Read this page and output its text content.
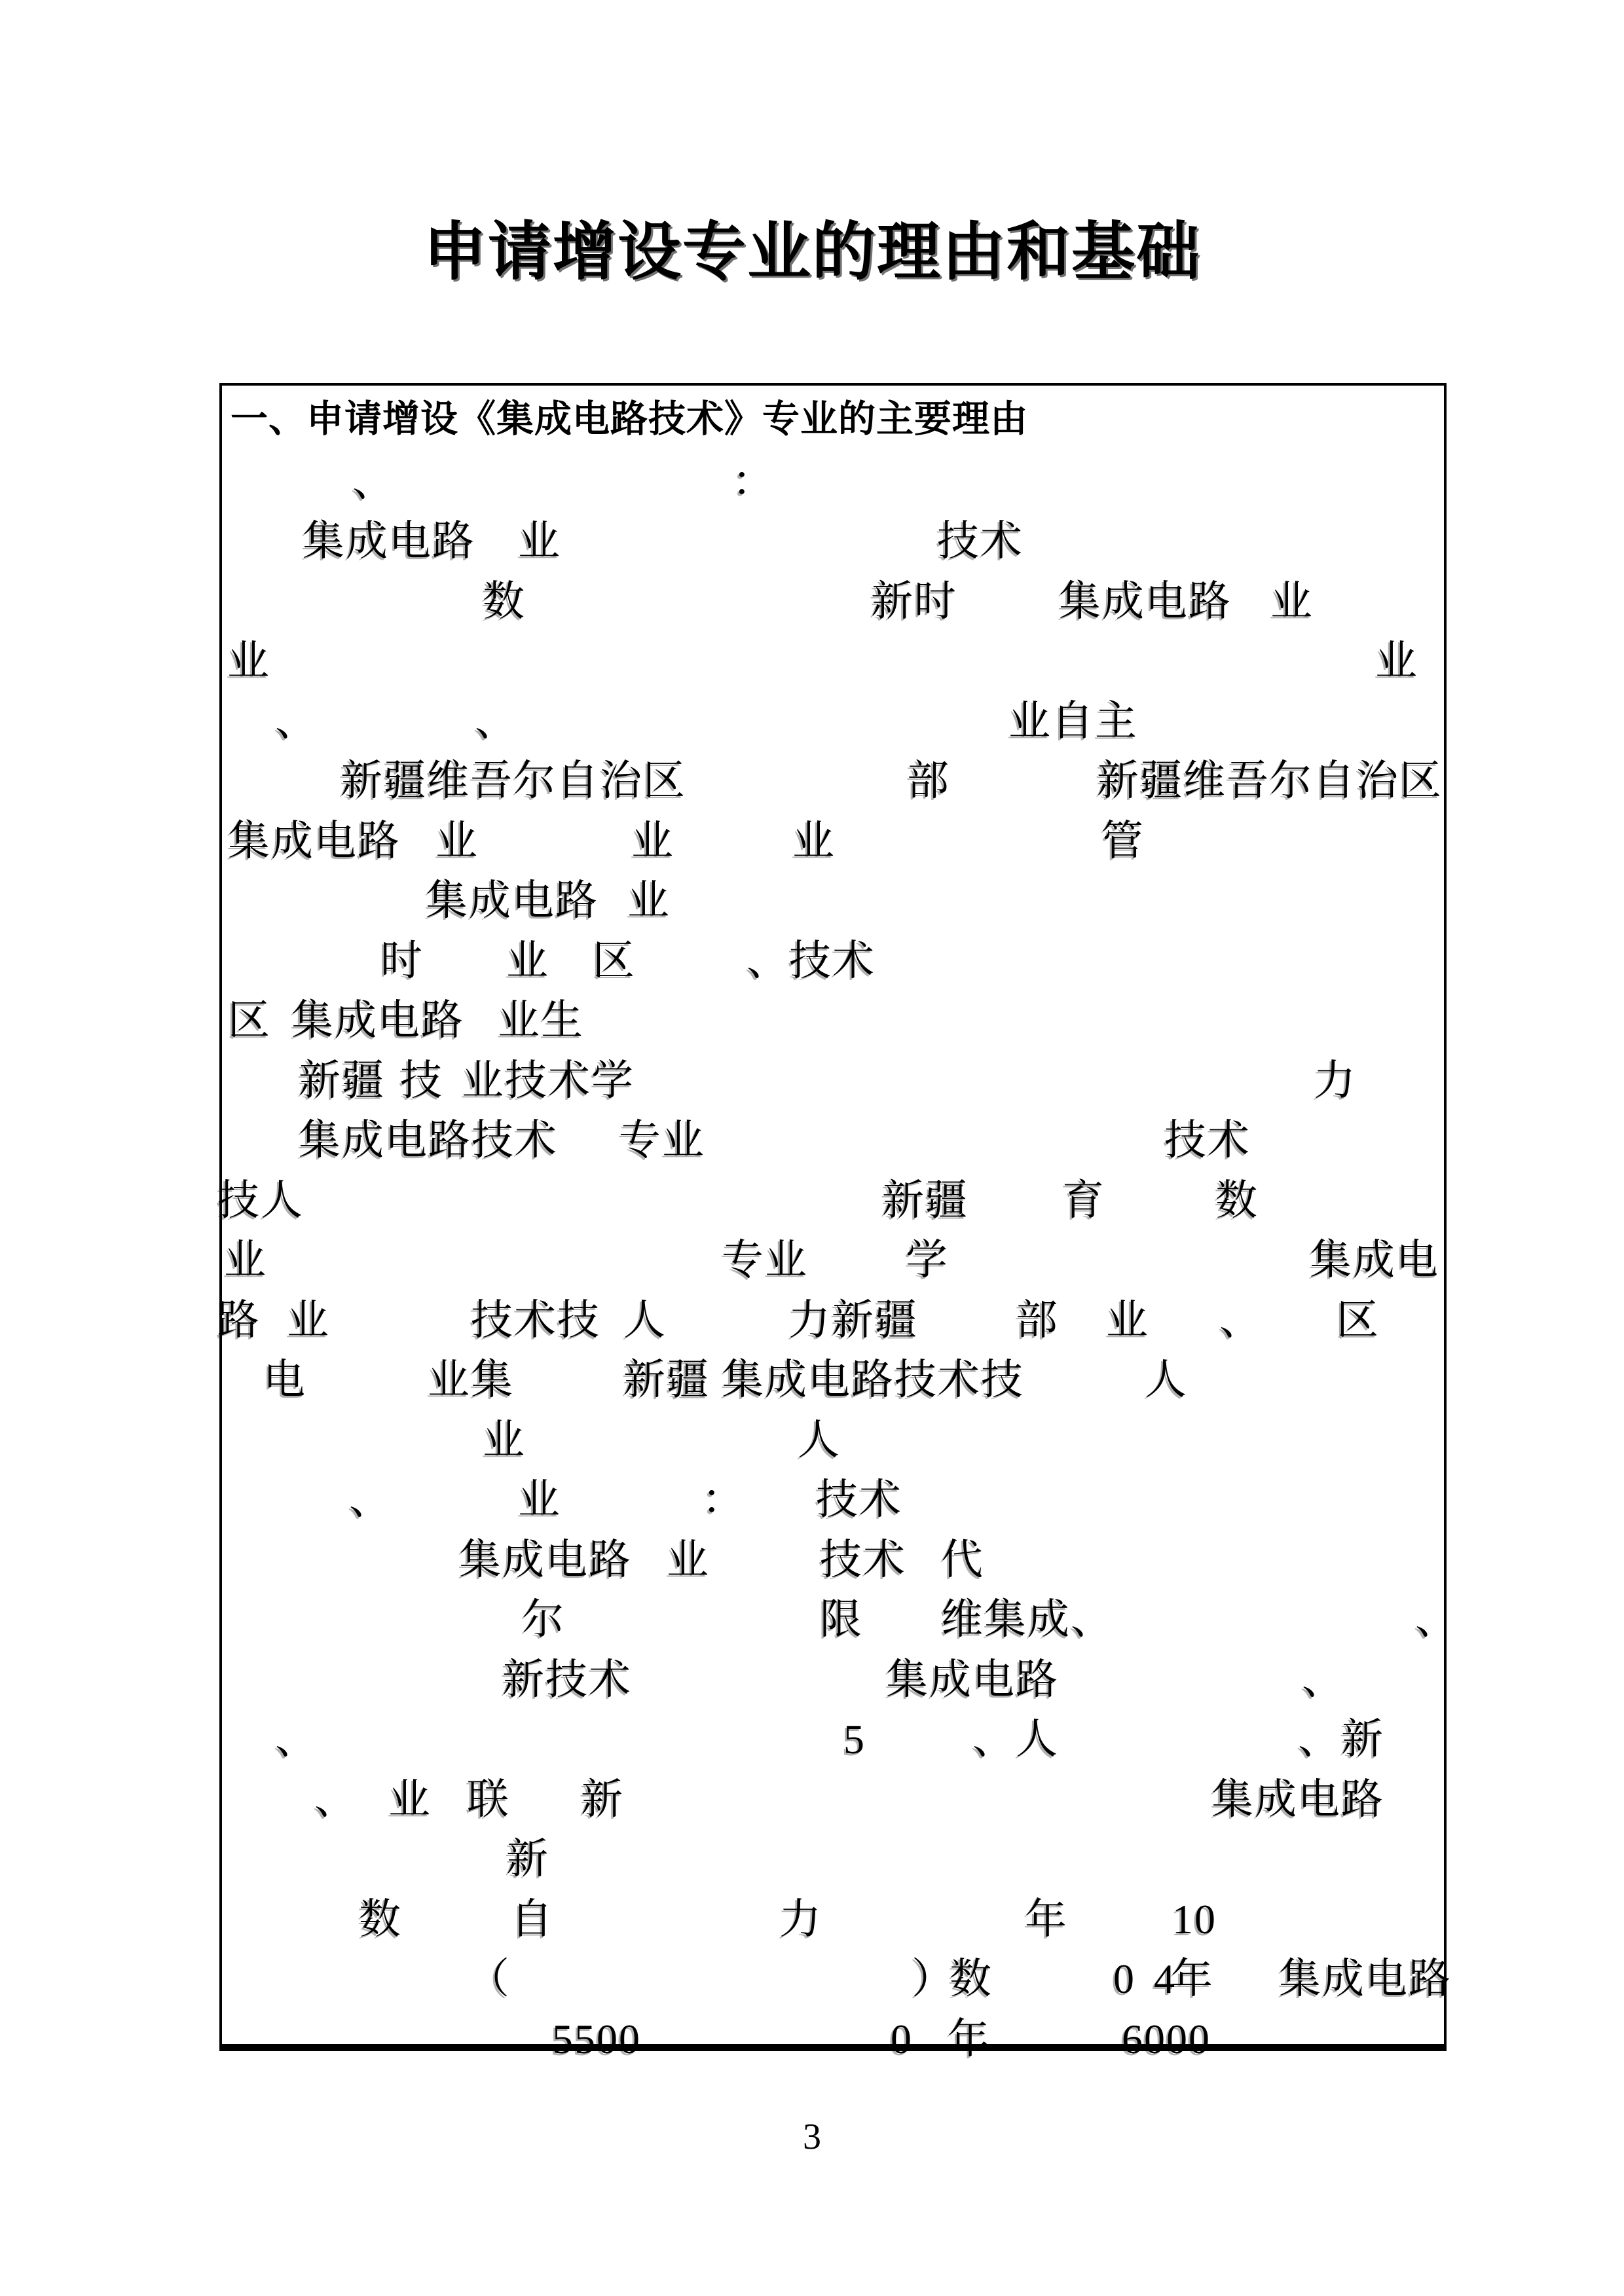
申请增设专业的理由和基础
一、申请增设《集成电路技术》专业的主要理由
、	：
集成电路 业	技术
数	新时 集成电路 业
业	业
、	、	业自主
新疆维吾尔自治区	部	新疆维吾尔自治区
集成电路 业	业	业	管
集成电路 业
时 业 区	、 技术
区 集成电路 业生
新疆 技 业技术学	力
集成电路技术 专业	技术
技人	新疆 育	数
业	专业 学	集成电
路 业	技术技 人	力新疆 部 业 、 区
电	业集	新疆 集成电路技术技	人
业	人
、	业	： 技术
集成电路 业	技术 代
尔	限 维集成、	、
新技术	集成电路	、
、	5	、人	、新
、 业 联 新	集成电路
新
数	自	力	年 10
（	）
数	0 4
年 集成电路
5500	0 年	6000
3
